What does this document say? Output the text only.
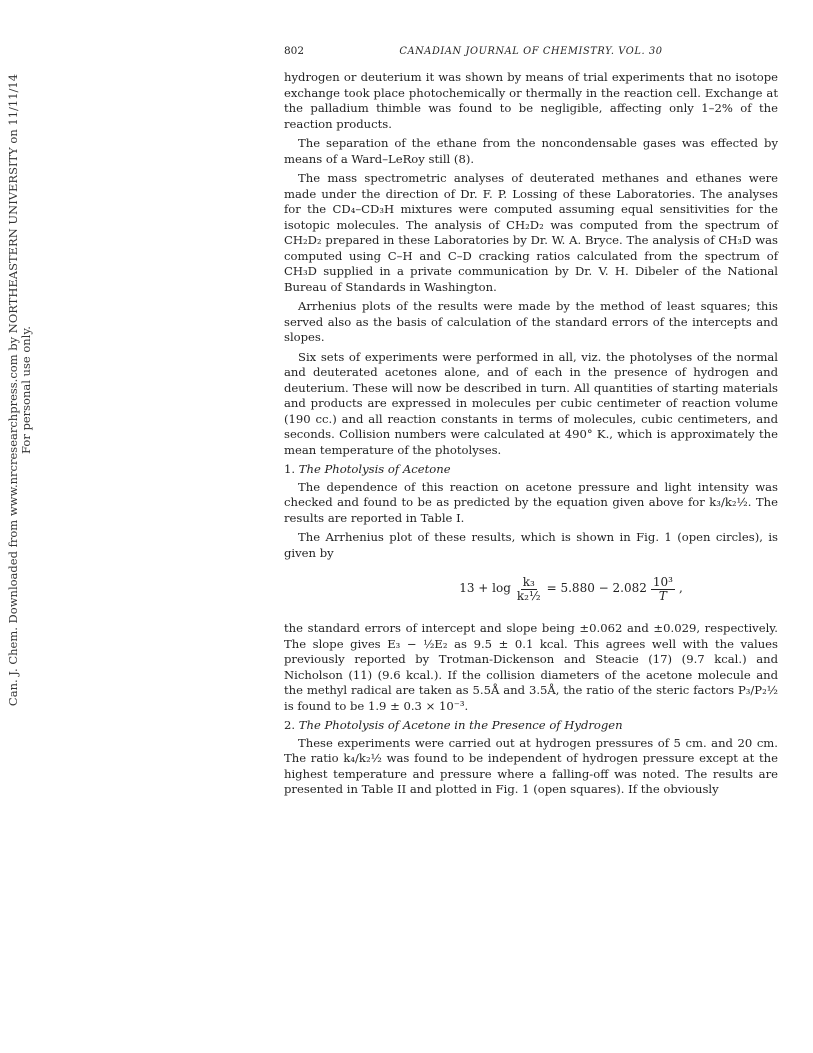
Can. J. Chem. Downloaded from www.nrcresearchpress.com by NORTHEASTERN UNIVERSITY on 11/11/14 For personal use only.
802	CANADIAN JOURNAL OF CHEMISTRY. VOL. 30

hydrogen or deuterium it was shown by means of trial experiments that no isotope exchange took place photochemically or thermally in the reaction cell. Exchange at the palladium thimble was found to be negligible, affecting only 1–2% of the reaction products.

The separation of the ethane from the noncondensable gases was effected by means of a Ward–LeRoy still (8).

The mass spectrometric analyses of deuterated methanes and ethanes were made under the direction of Dr. F. P. Lossing of these Laboratories. The analyses for the CD₄–CD₃H mixtures were computed assuming equal sensitivities for the isotopic molecules. The analysis of CH₂D₂ was computed from the spectrum of CH₂D₂ prepared in these Laboratories by Dr. W. A. Bryce. The analysis of CH₃D was computed using C–H and C–D cracking ratios calculated from the spectrum of CH₃D supplied in a private communication by Dr. V. H. Dibeler of the National Bureau of Standards in Washington.

Arrhenius plots of the results were made by the method of least squares; this served also as the basis of calculation of the standard errors of the intercepts and slopes.

Six sets of experiments were performed in all, viz. the photolyses of the normal and deuterated acetones alone, and of each in the presence of hydrogen and deuterium. These will now be described in turn. All quantities of starting materials and products are expressed in molecules per cubic centimeter of reaction volume (190 cc.) and all reaction constants in terms of molecules, cubic centimeters, and seconds. Collision numbers were calculated at 490° K., which is approximately the mean temperature of the photolyses.

1. The Photolysis of Acetone

The dependence of this reaction on acetone pressure and light intensity was checked and found to be as predicted by the equation given above for k₃/k₂½. The results are reported in Table I.

The Arrhenius plot of these results, which is shown in Fig. 1 (open circles), is given by

$13 + \log \frac{\text{k₃}}{\text{k₂½}} = 5.880 - 2.082 \frac{\text{10³}}{T}$ ,

the standard errors of intercept and slope being ±0.062 and ±0.029, respectively. The slope gives E₃ − ½E₂ as 9.5 ± 0.1 kcal. This agrees well with the values previously reported by Trotman-Dickenson and Steacie (17) (9.7 kcal.) and Nicholson (11) (9.6 kcal.). If the collision diameters of the acetone molecule and the methyl radical are taken as 5.5Å and 3.5Å, the ratio of the steric factors P₃/P₂½ is found to be 1.9 ± 0.3 × 10⁻³.

2. The Photolysis of Acetone in the Presence of Hydrogen

These experiments were carried out at hydrogen pressures of 5 cm. and 20 cm. The ratio k₄/k₂½ was found to be independent of hydrogen pressure except at the highest temperature and pressure where a falling-off was noted. The results are presented in Table II and plotted in Fig. 1 (open squares). If the obviously
